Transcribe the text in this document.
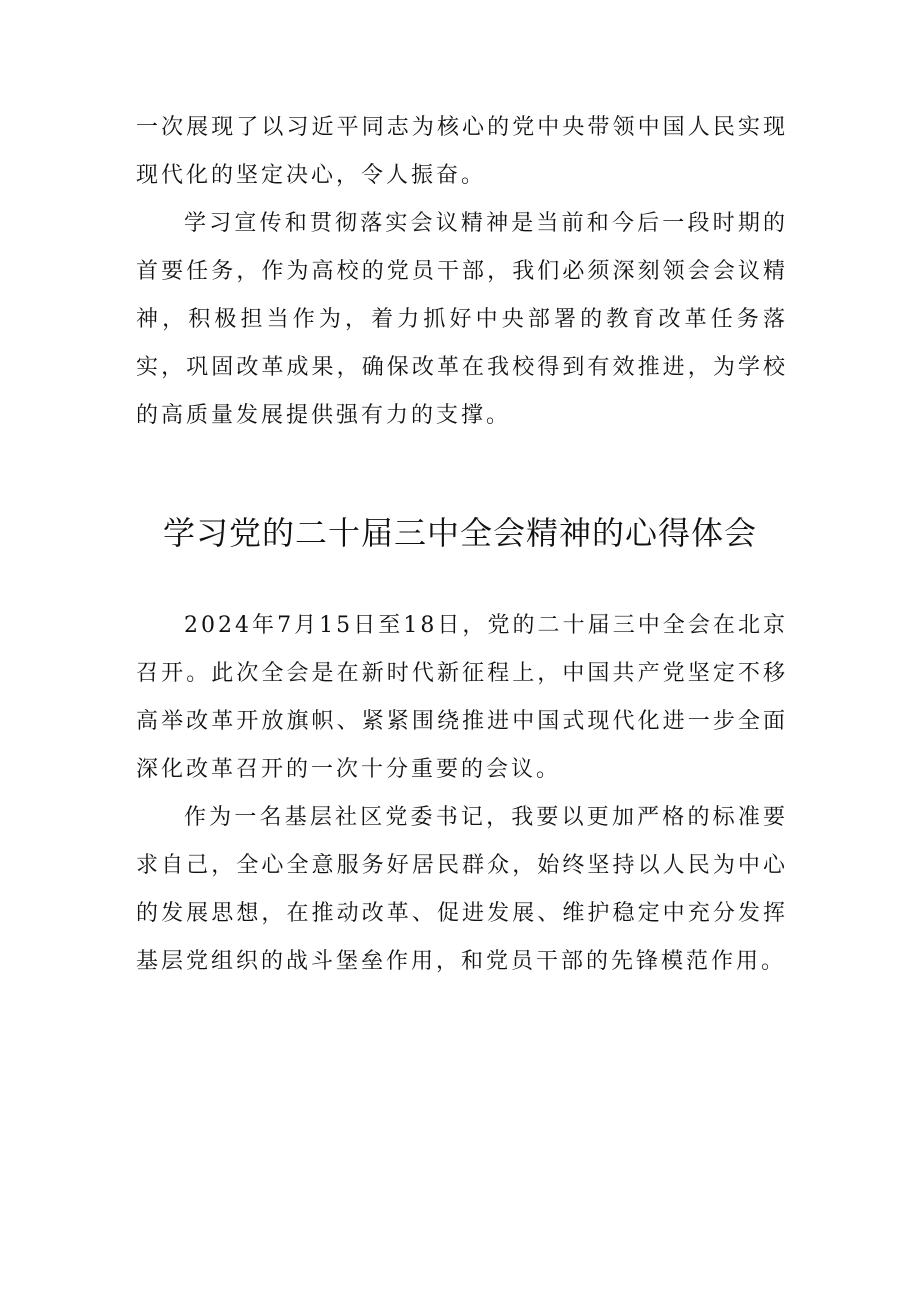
一次展现了以习近平同志为核心的党中央带领中国人民实现现代化的坚定决心，令人振奋。

学习宣传和贯彻落实会议精神是当前和今后一段时期的首要任务，作为高校的党员干部，我们必须深刻领会会议精神，积极担当作为，着力抓好中央部署的教育改革任务落实，巩固改革成果，确保改革在我校得到有效推进，为学校的高质量发展提供强有力的支撑。

学习党的二十届三中全会精神的心得体会

2024年7月15日至18日，党的二十届三中全会在北京召开。此次全会是在新时代新征程上，中国共产党坚定不移高举改革开放旗帜、紧紧围绕推进中国式现代化进一步全面深化改革召开的一次十分重要的会议。

作为一名基层社区党委书记，我要以更加严格的标准要求自己，全心全意服务好居民群众，始终坚持以人民为中心的发展思想，在推动改革、促进发展、维护稳定中充分发挥基层党组织的战斗堡垒作用，和党员干部的先锋模范作用。
